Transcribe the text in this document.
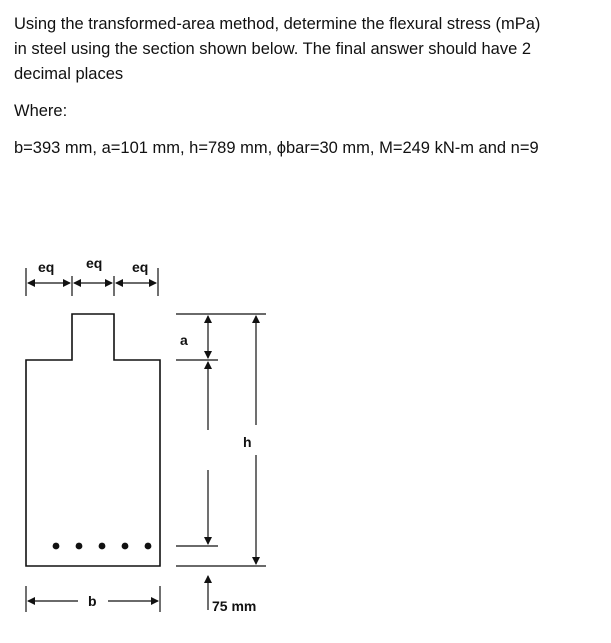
Using the transformed-area method, determine the flexural stress (mPa)
in steel using the section shown below. The final answer should have 2
decimal places

Where:

b=393 mm, a=101 mm, h=789 mm, ϕbar=30 mm, M=249 kN-m and n=9

eq eq eq
a
h
75 mm
b
